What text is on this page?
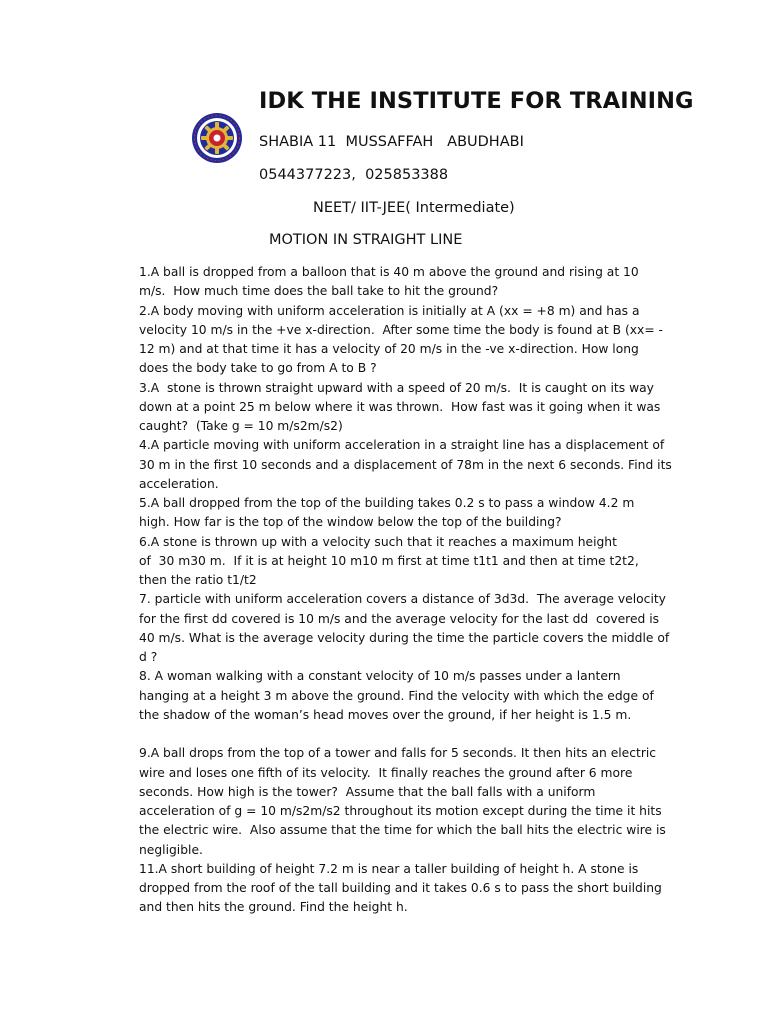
IDK THE INSTITUTE FOR TRAINING
SHABIA 11  MUSSAFFAH   ABUDHABI
0544377223,  025853388
NEET/ IIT-JEE( Intermediate)
MOTION IN STRAIGHT LINE
1.A ball is dropped from a balloon that is 40 m above the ground and rising at 10
m/s.  How much time does the ball take to hit the ground?
2.A body moving with uniform acceleration is initially at A (xx = +8 m) and has a
velocity 10 m/s in the +ve x-direction.  After some time the body is found at B (xx= -
12 m) and at that time it has a velocity of 20 m/s in the -ve x-direction. How long
does the body take to go from A to B ?
3.A  stone is thrown straight upward with a speed of 20 m/s.  It is caught on its way
down at a point 25 m below where it was thrown.  How fast was it going when it was
caught?  (Take g = 10 m/s2m/s2)
4.A particle moving with uniform acceleration in a straight line has a displacement of
30 m in the first 10 seconds and a displacement of 78m in the next 6 seconds. Find its
acceleration.
5.A ball dropped from the top of the building takes 0.2 s to pass a window 4.2 m
high. How far is the top of the window below the top of the building?
6.A stone is thrown up with a velocity such that it reaches a maximum height
of  30 m30 m.  If it is at height 10 m10 m first at time t1t1 and then at time t2t2,
then the ratio t1/t2
7. particle with uniform acceleration covers a distance of 3d3d.  The average velocity
for the first dd covered is 10 m/s and the average velocity for the last dd  covered is
40 m/s. What is the average velocity during the time the particle covers the middle of
d ?
8. A woman walking with a constant velocity of 10 m/s passes under a lantern
hanging at a height 3 m above the ground. Find the velocity with which the edge of
the shadow of the woman’s head moves over the ground, if her height is 1.5 m.
9.A ball drops from the top of a tower and falls for 5 seconds. It then hits an electric
wire and loses one fifth of its velocity.  It finally reaches the ground after 6 more
seconds. How high is the tower?  Assume that the ball falls with a uniform
acceleration of g = 10 m/s2m/s2 throughout its motion except during the time it hits
the electric wire.  Also assume that the time for which the ball hits the electric wire is
negligible.
11.A short building of height 7.2 m is near a taller building of height h. A stone is
dropped from the roof of the tall building and it takes 0.6 s to pass the short building
and then hits the ground. Find the height h.
